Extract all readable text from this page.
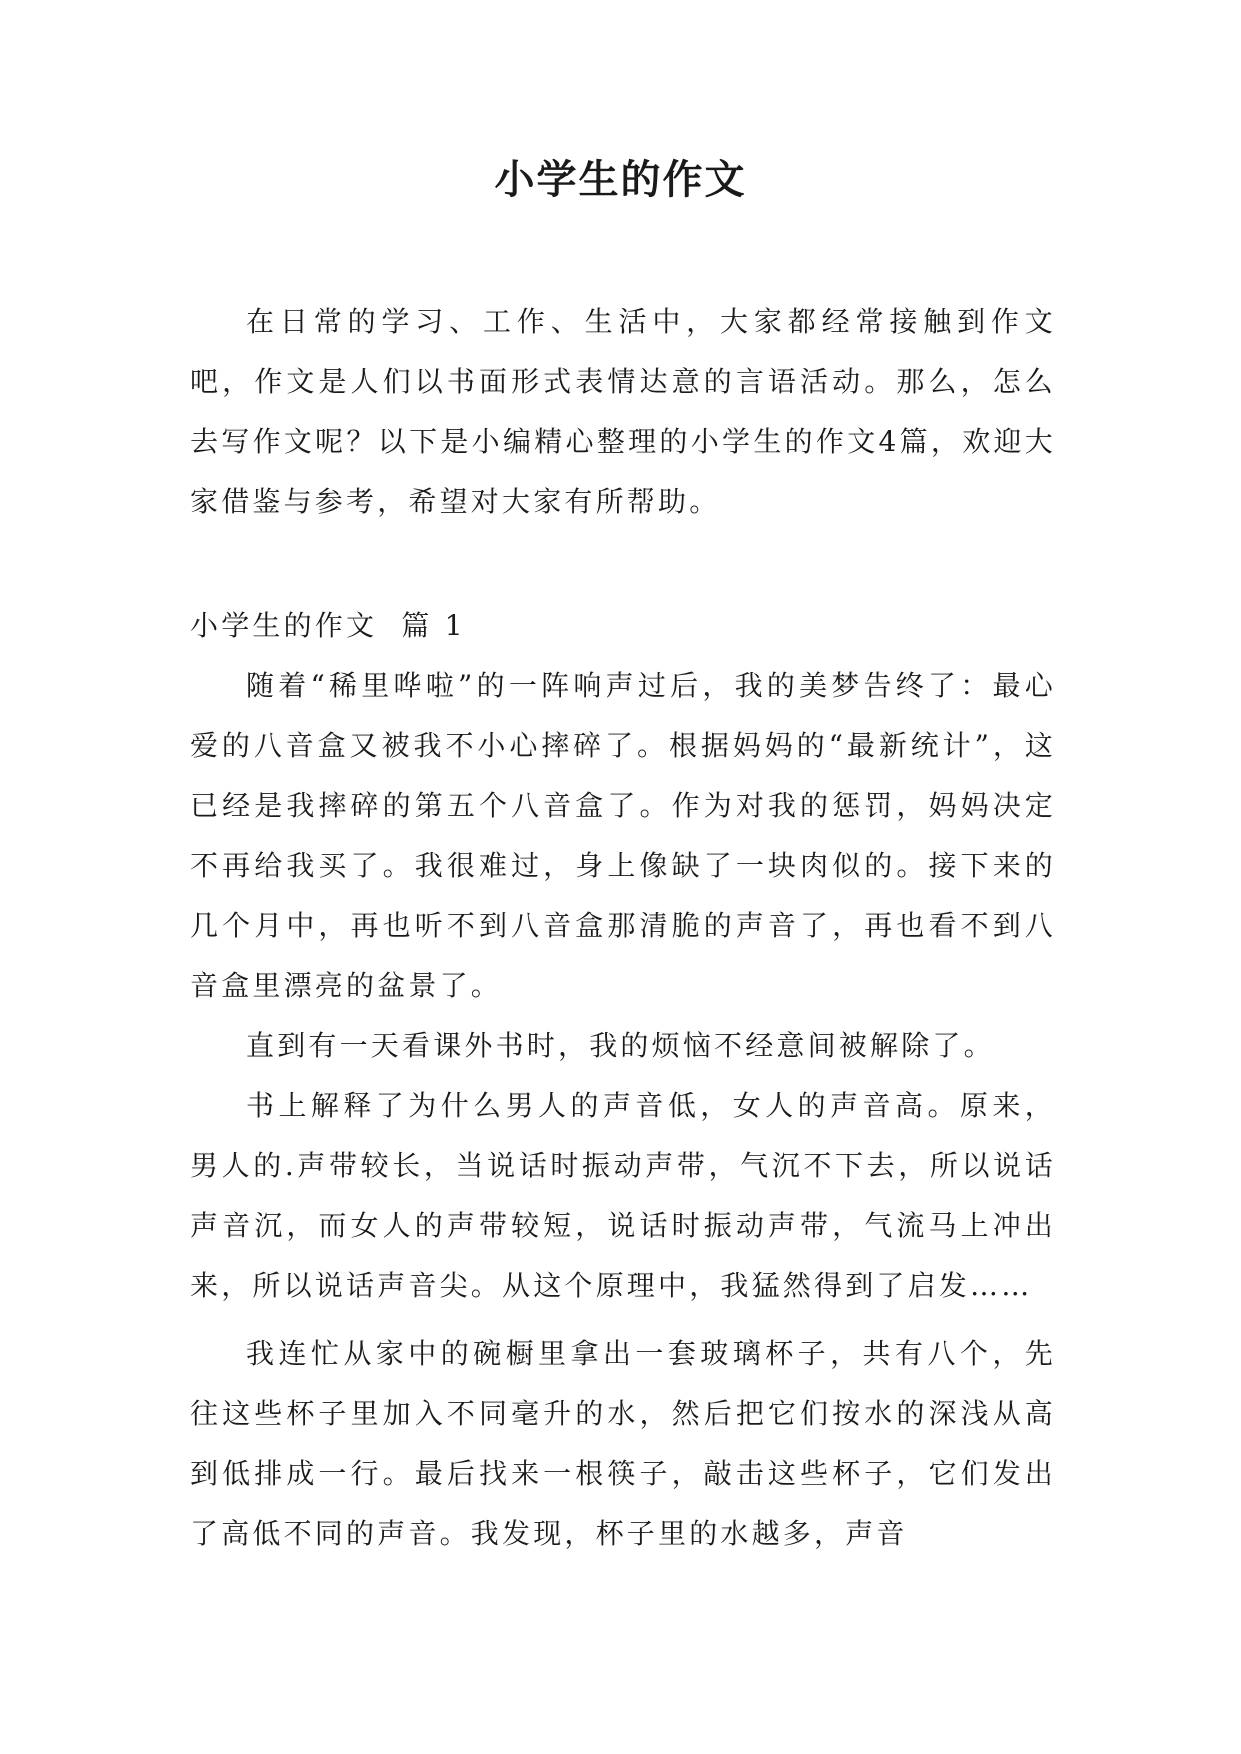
小学生的作文

在日常的学习、工作、生活中，大家都经常接触到作文吧，作文是人们以书面形式表情达意的言语活动。那么，怎么去写作文呢？以下是小编精心整理的小学生的作文4篇，欢迎大家借鉴与参考，希望对大家有所帮助。

小学生的作文  篇 1

随着“稀里哗啦”的一阵响声过后，我的美梦告终了：最心爱的八音盒又被我不小心摔碎了。根据妈妈的“最新统计”，这已经是我摔碎的第五个八音盒了。作为对我的惩罚，妈妈决定不再给我买了。我很难过，身上像缺了一块肉似的。接下来的几个月中，再也听不到八音盒那清脆的声音了，再也看不到八音盒里漂亮的盆景了。

直到有一天看课外书时，我的烦恼不经意间被解除了。

书上解释了为什么男人的声音低，女人的声音高。原来，男人的.声带较长，当说话时振动声带，气沉不下去，所以说话声音沉，而女人的声带较短，说话时振动声带，气流马上冲出来，所以说话声音尖。从这个原理中，我猛然得到了启发……

我连忙从家中的碗橱里拿出一套玻璃杯子，共有八个，先往这些杯子里加入不同毫升的水，然后把它们按水的深浅从高到低排成一行。最后找来一根筷子，敲击这些杯子，它们发出了高低不同的声音。我发现，杯子里的水越多，声音
